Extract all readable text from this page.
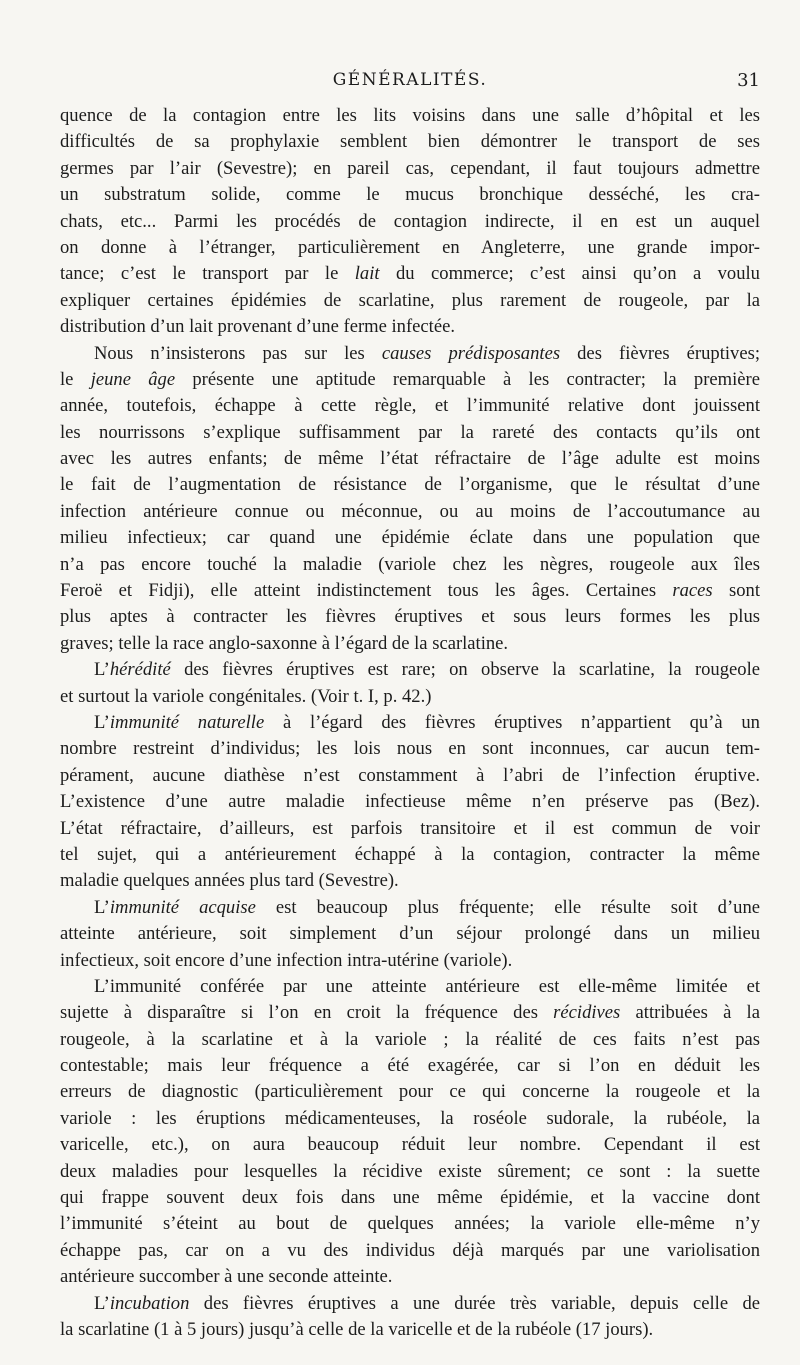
GÉNÉRALITÉS.	31
quence de la contagion entre les lits voisins dans une salle d’hôpital et les
difficultés de sa prophylaxie semblent bien démontrer le transport de ses
germes par l’air (Sevestre); en pareil cas, cependant, il faut toujours admettre
un substratum solide, comme le mucus bronchique desséché, les cra-
chats, etc... Parmi les procédés de contagion indirecte, il en est un auquel
on donne à l’étranger, particulièrement en Angleterre, une grande impor-
tance; c’est le transport par le lait du commerce; c’est ainsi qu’on a voulu
expliquer certaines épidémies de scarlatine, plus rarement de rougeole, par la
distribution d’un lait provenant d’une ferme infectée.
Nous n’insisterons pas sur les causes prédisposantes des fièvres éruptives;
le jeune âge présente une aptitude remarquable à les contracter; la première
année, toutefois, échappe à cette règle, et l’immunité relative dont jouissent
les nourrissons s’explique suffisamment par la rareté des contacts qu’ils ont
avec les autres enfants; de même l’état réfractaire de l’âge adulte est moins
le fait de l’augmentation de résistance de l’organisme, que le résultat d’une
infection antérieure connue ou méconnue, ou au moins de l’accoutumance au
milieu infectieux; car quand une épidémie éclate dans une population que
n’a pas encore touché la maladie (variole chez les nègres, rougeole aux îles
Feroë et Fidji), elle atteint indistinctement tous les âges. Certaines races sont
plus aptes à contracter les fièvres éruptives et sous leurs formes les plus
graves; telle la race anglo-saxonne à l’égard de la scarlatine.
L’hérédité des fièvres éruptives est rare; on observe la scarlatine, la rougeole
et surtout la variole congénitales. (Voir t. I, p. 42.)
L’immunité naturelle à l’égard des fièvres éruptives n’appartient qu’à un
nombre restreint d’individus; les lois nous en sont inconnues, car aucun tem-
pérament, aucune diathèse n’est constamment à l’abri de l’infection éruptive.
L’existence d’une autre maladie infectieuse même n’en préserve pas (Bez).
L’état réfractaire, d’ailleurs, est parfois transitoire et il est commun de voir
tel sujet, qui a antérieurement échappé à la contagion, contracter la même
maladie quelques années plus tard (Sevestre).
L’immunité acquise est beaucoup plus fréquente; elle résulte soit d’une
atteinte antérieure, soit simplement d’un séjour prolongé dans un milieu
infectieux, soit encore d’une infection intra-utérine (variole).
L’immunité conférée par une atteinte antérieure est elle-même limitée et
sujette à disparaître si l’on en croit la fréquence des récidives attribuées à la
rougeole, à la scarlatine et à la variole ; la réalité de ces faits n’est pas
contestable; mais leur fréquence a été exagérée, car si l’on en déduit les
erreurs de diagnostic (particulièrement pour ce qui concerne la rougeole et la
variole : les éruptions médicamenteuses, la roséole sudorale, la rubéole, la
varicelle, etc.), on aura beaucoup réduit leur nombre. Cependant il est
deux maladies pour lesquelles la récidive existe sûrement; ce sont : la suette
qui frappe souvent deux fois dans une même épidémie, et la vaccine dont
l’immunité s’éteint au bout de quelques années; la variole elle-même n’y
échappe pas, car on a vu des individus déjà marqués par une variolisation
antérieure succomber à une seconde atteinte.
L’incubation des fièvres éruptives a une durée très variable, depuis celle de
la scarlatine (1 à 5 jours) jusqu’à celle de la varicelle et de la rubéole (17 jours).
